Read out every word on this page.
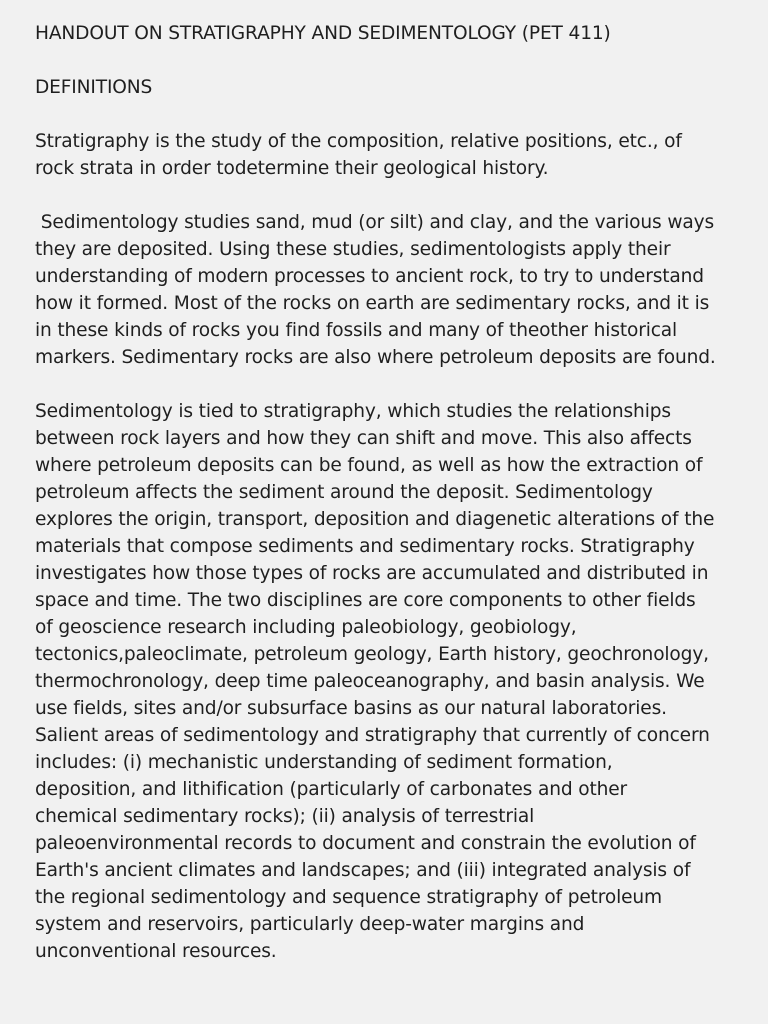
HANDOUT ON STRATIGRAPHY AND SEDIMENTOLOGY (PET 411)
DEFINITIONS
Stratigraphy is the study of the composition, relative positions, etc., of
rock strata in order todetermine their geological history.
Sedimentology studies sand, mud (or silt) and clay, and the various ways
they are deposited. Using these studies, sedimentologists apply their
understanding of modern processes to ancient rock, to try to understand
how it formed. Most of the rocks on earth are sedimentary rocks, and it is
in these kinds of rocks you find fossils and many of theother historical
markers. Sedimentary rocks are also where petroleum deposits are found.
Sedimentology is tied to stratigraphy, which studies the relationships
between rock layers and how they can shift and move. This also affects
where petroleum deposits can be found, as well as how the extraction of
petroleum affects the sediment around the deposit. Sedimentology
explores the origin, transport, deposition and diagenetic alterations of the
materials that compose sediments and sedimentary rocks. Stratigraphy
investigates how those types of rocks are accumulated and distributed in
space and time. The two disciplines are core components to other fields
of geoscience research including paleobiology, geobiology,
tectonics,paleoclimate, petroleum geology, Earth history, geochronology,
thermochronology, deep time paleoceanography, and basin analysis. We
use fields, sites and/or subsurface basins as our natural laboratories.
Salient areas of sedimentology and stratigraphy that currently of concern
includes: (i) mechanistic understanding of sediment formation,
deposition, and lithification (particularly of carbonates and other
chemical sedimentary rocks); (ii) analysis of terrestrial
paleoenvironmental records to document and constrain the evolution of
Earth's ancient climates and landscapes; and (iii) integrated analysis of
the regional sedimentology and sequence stratigraphy of petroleum
system and reservoirs, particularly deep-water margins and
unconventional resources.
